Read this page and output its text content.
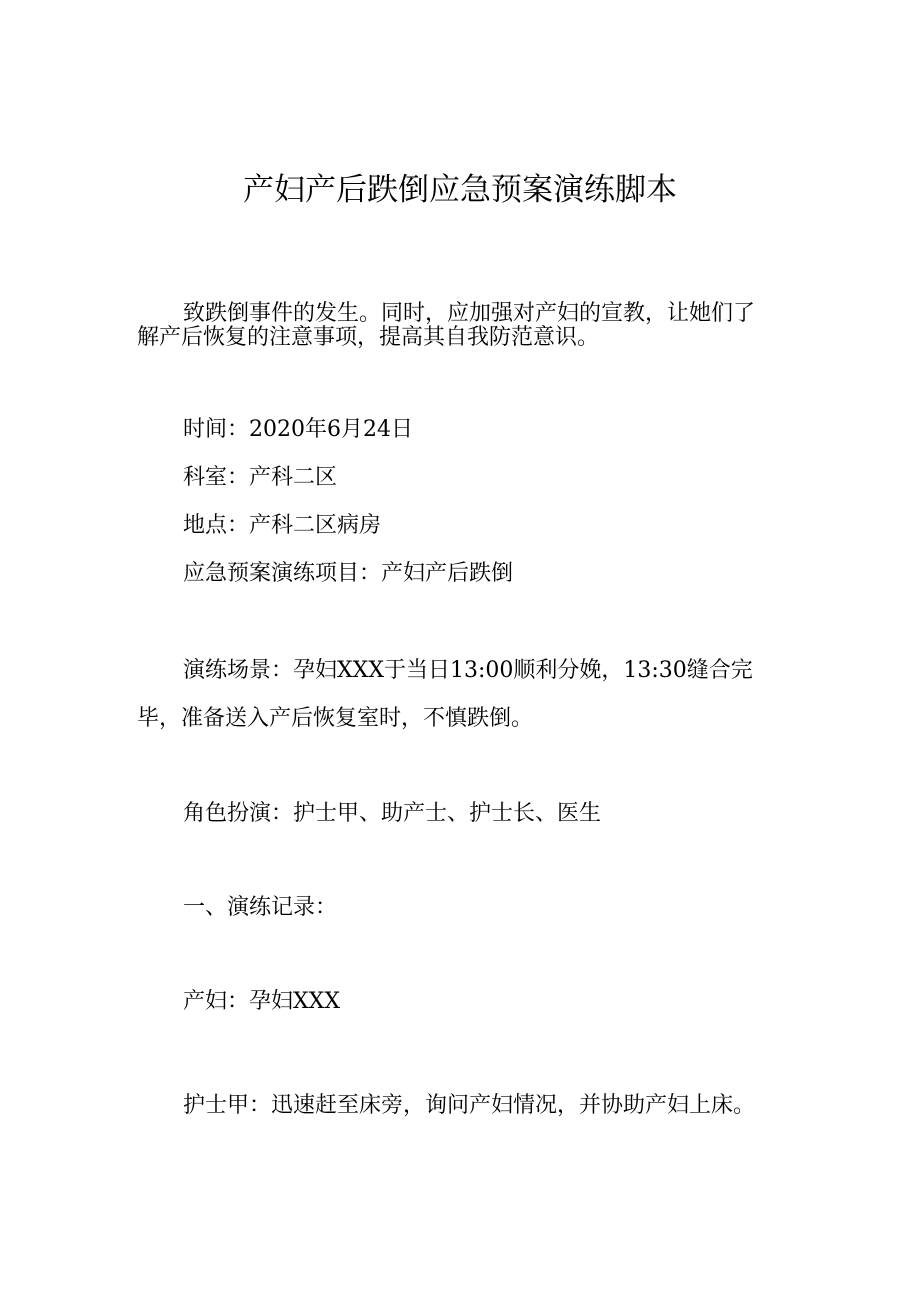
产妇产后跌倒应急预案演练脚本
致跌倒事件的发生。同时，应加强对产妇的宣教，让她们了
解产后恢复的注意事项，提高其自我防范意识。
时间：2020年6月24日
科室：产科二区
地点：产科二区病房
应急预案演练项目：产妇产后跌倒
演练场景：孕妇XXX于当日13:00顺利分娩，13:30缝合完
毕，准备送入产后恢复室时，不慎跌倒。
角色扮演：护士甲、助产士、护士长、医生
一、演练记录：
产妇：孕妇XXX
护士甲：迅速赶至床旁，询问产妇情况，并协助产妇上床。
